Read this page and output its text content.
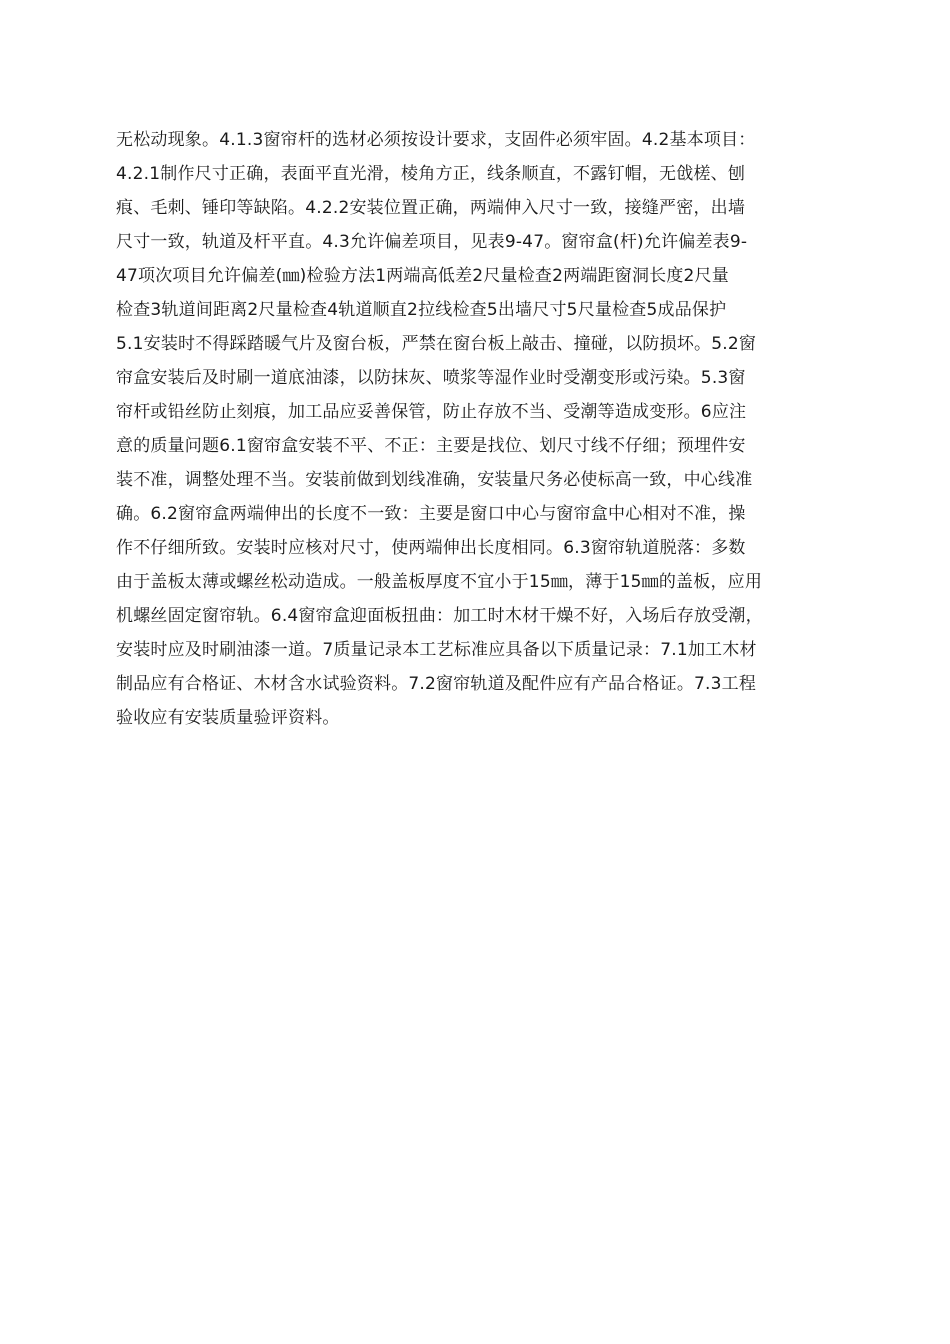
无松动现象。4.1.3窗帘杆的选材必须按设计要求，支固件必须牢固。4.2基本项目：
4.2.1制作尺寸正确，表面平直光滑，棱角方正，线条顺直，不露钉帽，无戗槎、刨
痕、毛刺、锤印等缺陷。4.2.2安装位置正确，两端伸入尺寸一致，接缝严密，出墙
尺寸一致，轨道及杆平直。4.3允许偏差项目，见表9-47。窗帘盒(杆)允许偏差表9-
47项次项目允许偏差(㎜)检验方法1两端高低差2尺量检查2两端距窗洞长度2尺量
检查3轨道间距离2尺量检查4轨道顺直2拉线检查5出墙尺寸5尺量检查5成品保护
5.1安装时不得踩踏暖气片及窗台板，严禁在窗台板上敲击、撞碰，以防损坏。5.2窗
帘盒安装后及时刷一道底油漆，以防抹灰、喷浆等湿作业时受潮变形或污染。5.3窗
帘杆或铅丝防止刻痕，加工品应妥善保管，防止存放不当、受潮等造成变形。6应注
意的质量问题6.1窗帘盒安装不平、不正：主要是找位、划尺寸线不仔细；预埋件安
装不准，调整处理不当。安装前做到划线准确，安装量尺务必使标高一致，中心线准
确。6.2窗帘盒两端伸出的长度不一致：主要是窗口中心与窗帘盒中心相对不准，操
作不仔细所致。安装时应核对尺寸，使两端伸出长度相同。6.3窗帘轨道脱落：多数
由于盖板太薄或螺丝松动造成。一般盖板厚度不宜小于15㎜，薄于15㎜的盖板，应用
机螺丝固定窗帘轨。6.4窗帘盒迎面板扭曲：加工时木材干燥不好，入场后存放受潮，
安装时应及时刷油漆一道。7质量记录本工艺标准应具备以下质量记录：7.1加工木材
制品应有合格证、木材含水试验资料。7.2窗帘轨道及配件应有产品合格证。7.3工程
验收应有安装质量验评资料。
